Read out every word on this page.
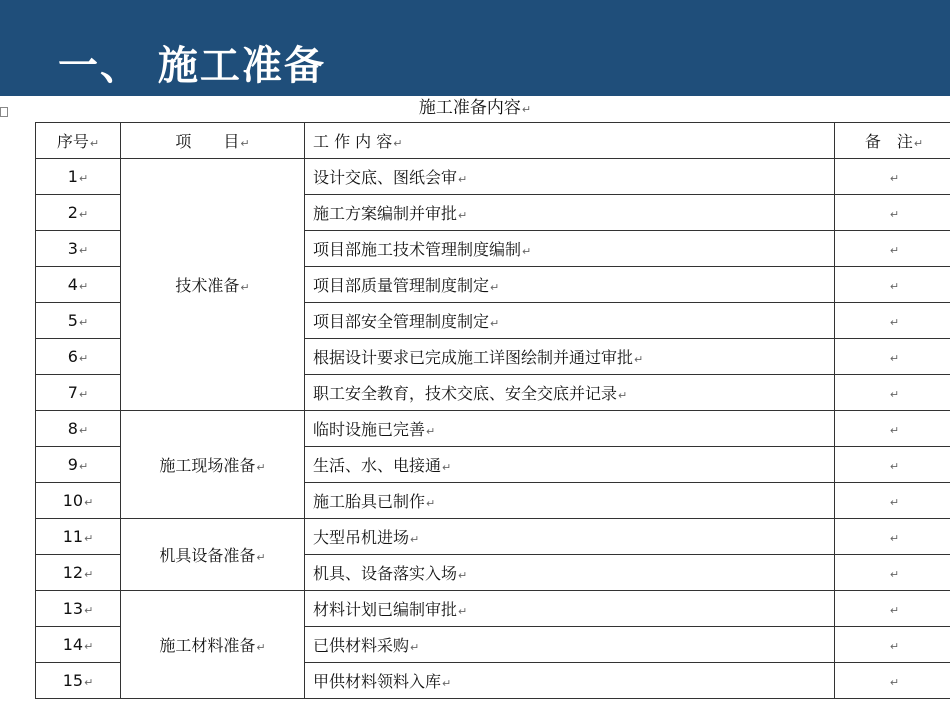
一、 施工准备
施工准备内容 ↵
序号 ↵	项　　目 ↵	工 作 内 容 ↵	备　注 ↵
1 ↵	技术准备 ↵	设计交底、图纸会审 ↵	↵
2 ↵		施工方案编制并审批 ↵	↵
3 ↵		项目部施工技术管理制度编制 ↵	↵
4 ↵		项目部质量管理制度制定 ↵	↵
5 ↵		项目部安全管理制度制定 ↵	↵
6 ↵		根据设计要求已完成施工详图绘制并通过审批 ↵	↵
7 ↵		职工安全教育，技术交底、安全交底并记录 ↵	↵
8 ↵	施工现场准备 ↵	临时设施已完善 ↵	↵
9 ↵		生活、水、电接通 ↵	↵
10 ↵		施工胎具已制作 ↵	↵
11 ↵	机具设备准备 ↵	大型吊机进场 ↵	↵
12 ↵		机具、设备落实入场 ↵	↵
13 ↵	施工材料准备 ↵	材料计划已编制审批 ↵	↵
14 ↵		已供材料采购 ↵	↵
15 ↵		甲供材料领料入库 ↵	↵
